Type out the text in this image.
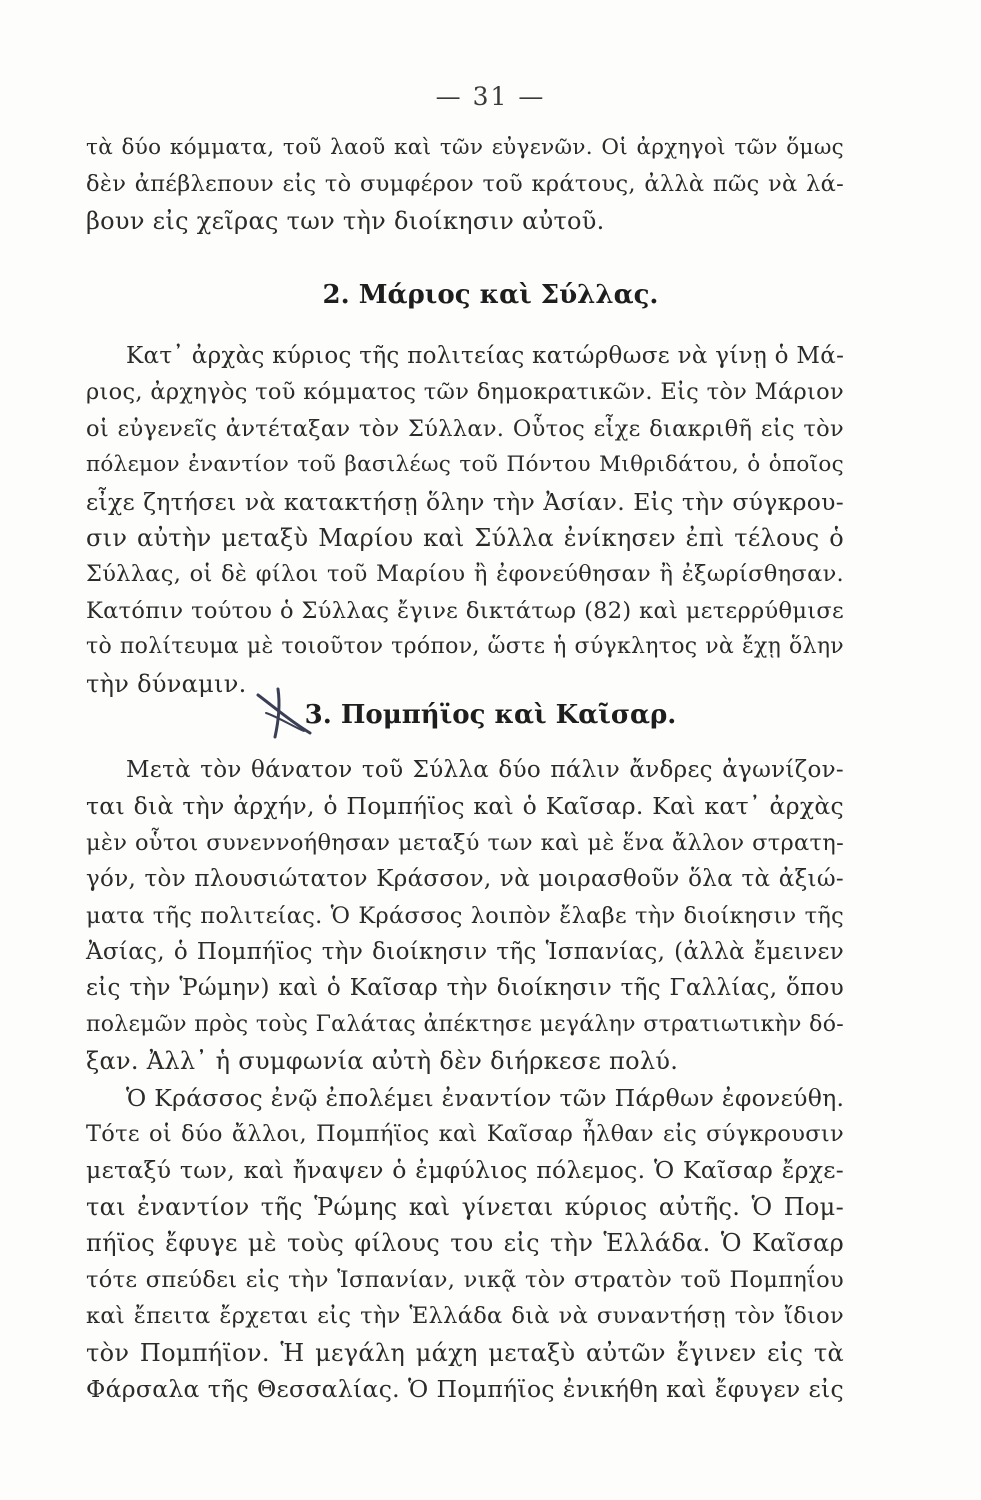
— 31 —
τὰ δύο κόμματα, τοῦ λαοῦ καὶ τῶν εὐγενῶν. Οἱ ἀρχηγοὶ τῶν ὅμως
δὲν ἀπέβλεπουν εἰς τὸ συμφέρον τοῦ κράτους, ἀλλὰ πῶς νὰ λά-
βουν εἰς χεῖρας των τὴν διοίκησιν αὐτοῦ.
2. Μάριος καὶ Σύλλας.
Κατ᾽ ἀρχὰς κύριος τῆς πολιτείας κατώρθωσε νὰ γίνῃ ὁ Μά-
ριος, ἀρχηγὸς τοῦ κόμματος τῶν δημοκρατικῶν. Εἰς τὸν Μάριον
οἱ εὐγενεῖς ἀντέταξαν τὸν Σύλλαν. Οὗτος εἶχε διακριθῆ εἰς τὸν
πόλεμον ἐναντίον τοῦ βασιλέως τοῦ Πόντου Μιθριδάτου, ὁ ὁποῖος
εἶχε ζητήσει νὰ κατακτήσῃ ὅλην τὴν Ἀσίαν. Εἰς τὴν σύγκρου-
σιν αὐτὴν μεταξὺ Μαρίου καὶ Σύλλα ἐνίκησεν ἐπὶ τέλους ὁ
Σύλλας, οἱ δὲ φίλοι τοῦ Μαρίου ἢ ἐφονεύθησαν ἢ ἐξωρίσθησαν.
Κατόπιν τούτου ὁ Σύλλας ἔγινε δικτάτωρ (82) καὶ μετερρύθμισε
τὸ πολίτευμα μὲ τοιοῦτον τρόπον, ὥστε ἡ σύγκλητος νὰ ἔχῃ ὅλην
τὴν δύναμιν.
3. Πομπήϊος καὶ Καῖσαρ.
Μετὰ τὸν θάνατον τοῦ Σύλλα δύο πάλιν ἄνδρες ἀγωνίζον-
ται διὰ τὴν ἀρχήν, ὁ Πομπήϊος καὶ ὁ Καῖσαρ. Καὶ κατ᾽ ἀρχὰς
μὲν οὗτοι συνεννοήθησαν μεταξύ των καὶ μὲ ἕνα ἄλλον στρατη-
γόν, τὸν πλουσιώτατον Κράσσον, νὰ μοιρασθοῦν ὅλα τὰ ἀξιώ-
ματα τῆς πολιτείας. Ὁ Κράσσος λοιπὸν ἔλαβε τὴν διοίκησιν τῆς
Ἀσίας, ὁ Πομπήϊος τὴν διοίκησιν τῆς Ἱσπανίας, (ἀλλὰ ἔμεινεν
εἰς τὴν Ῥώμην) καὶ ὁ Καῖσαρ τὴν διοίκησιν τῆς Γαλλίας, ὅπου
πολεμῶν πρὸς τοὺς Γαλάτας ἀπέκτησε μεγάλην στρατιωτικὴν δό-
ξαν. Ἀλλ᾽ ἡ συμφωνία αὐτὴ δὲν διήρκεσε πολύ.
Ὁ Κράσσος ἐνῷ ἐπολέμει ἐναντίον τῶν Πάρθων ἐφονεύθη.
Τότε οἱ δύο ἄλλοι, Πομπήϊος καὶ Καῖσαρ ἦλθαν εἰς σύγκρουσιν
μεταξύ των, καὶ ἤναψεν ὁ ἐμφύλιος πόλεμος. Ὁ Καῖσαρ ἔρχε-
ται ἐναντίον τῆς Ῥώμης καὶ γίνεται κύριος αὐτῆς. Ὁ Πομ-
πήϊος ἔφυγε μὲ τοὺς φίλους του εἰς τὴν Ἑλλάδα. Ὁ Καῖσαρ
τότε σπεύδει εἰς τὴν Ἱσπανίαν, νικᾷ τὸν στρατὸν τοῦ Πομπηΐου
καὶ ἔπειτα ἔρχεται εἰς τὴν Ἑλλάδα διὰ νὰ συναντήσῃ τὸν ἴδιον
τὸν Πομπήϊον. Ἡ μεγάλη μάχη μεταξὺ αὐτῶν ἔγινεν εἰς τὰ
Φάρσαλα τῆς Θεσσαλίας. Ὁ Πομπήϊος ἐνικήθη καὶ ἔφυγεν εἰς
